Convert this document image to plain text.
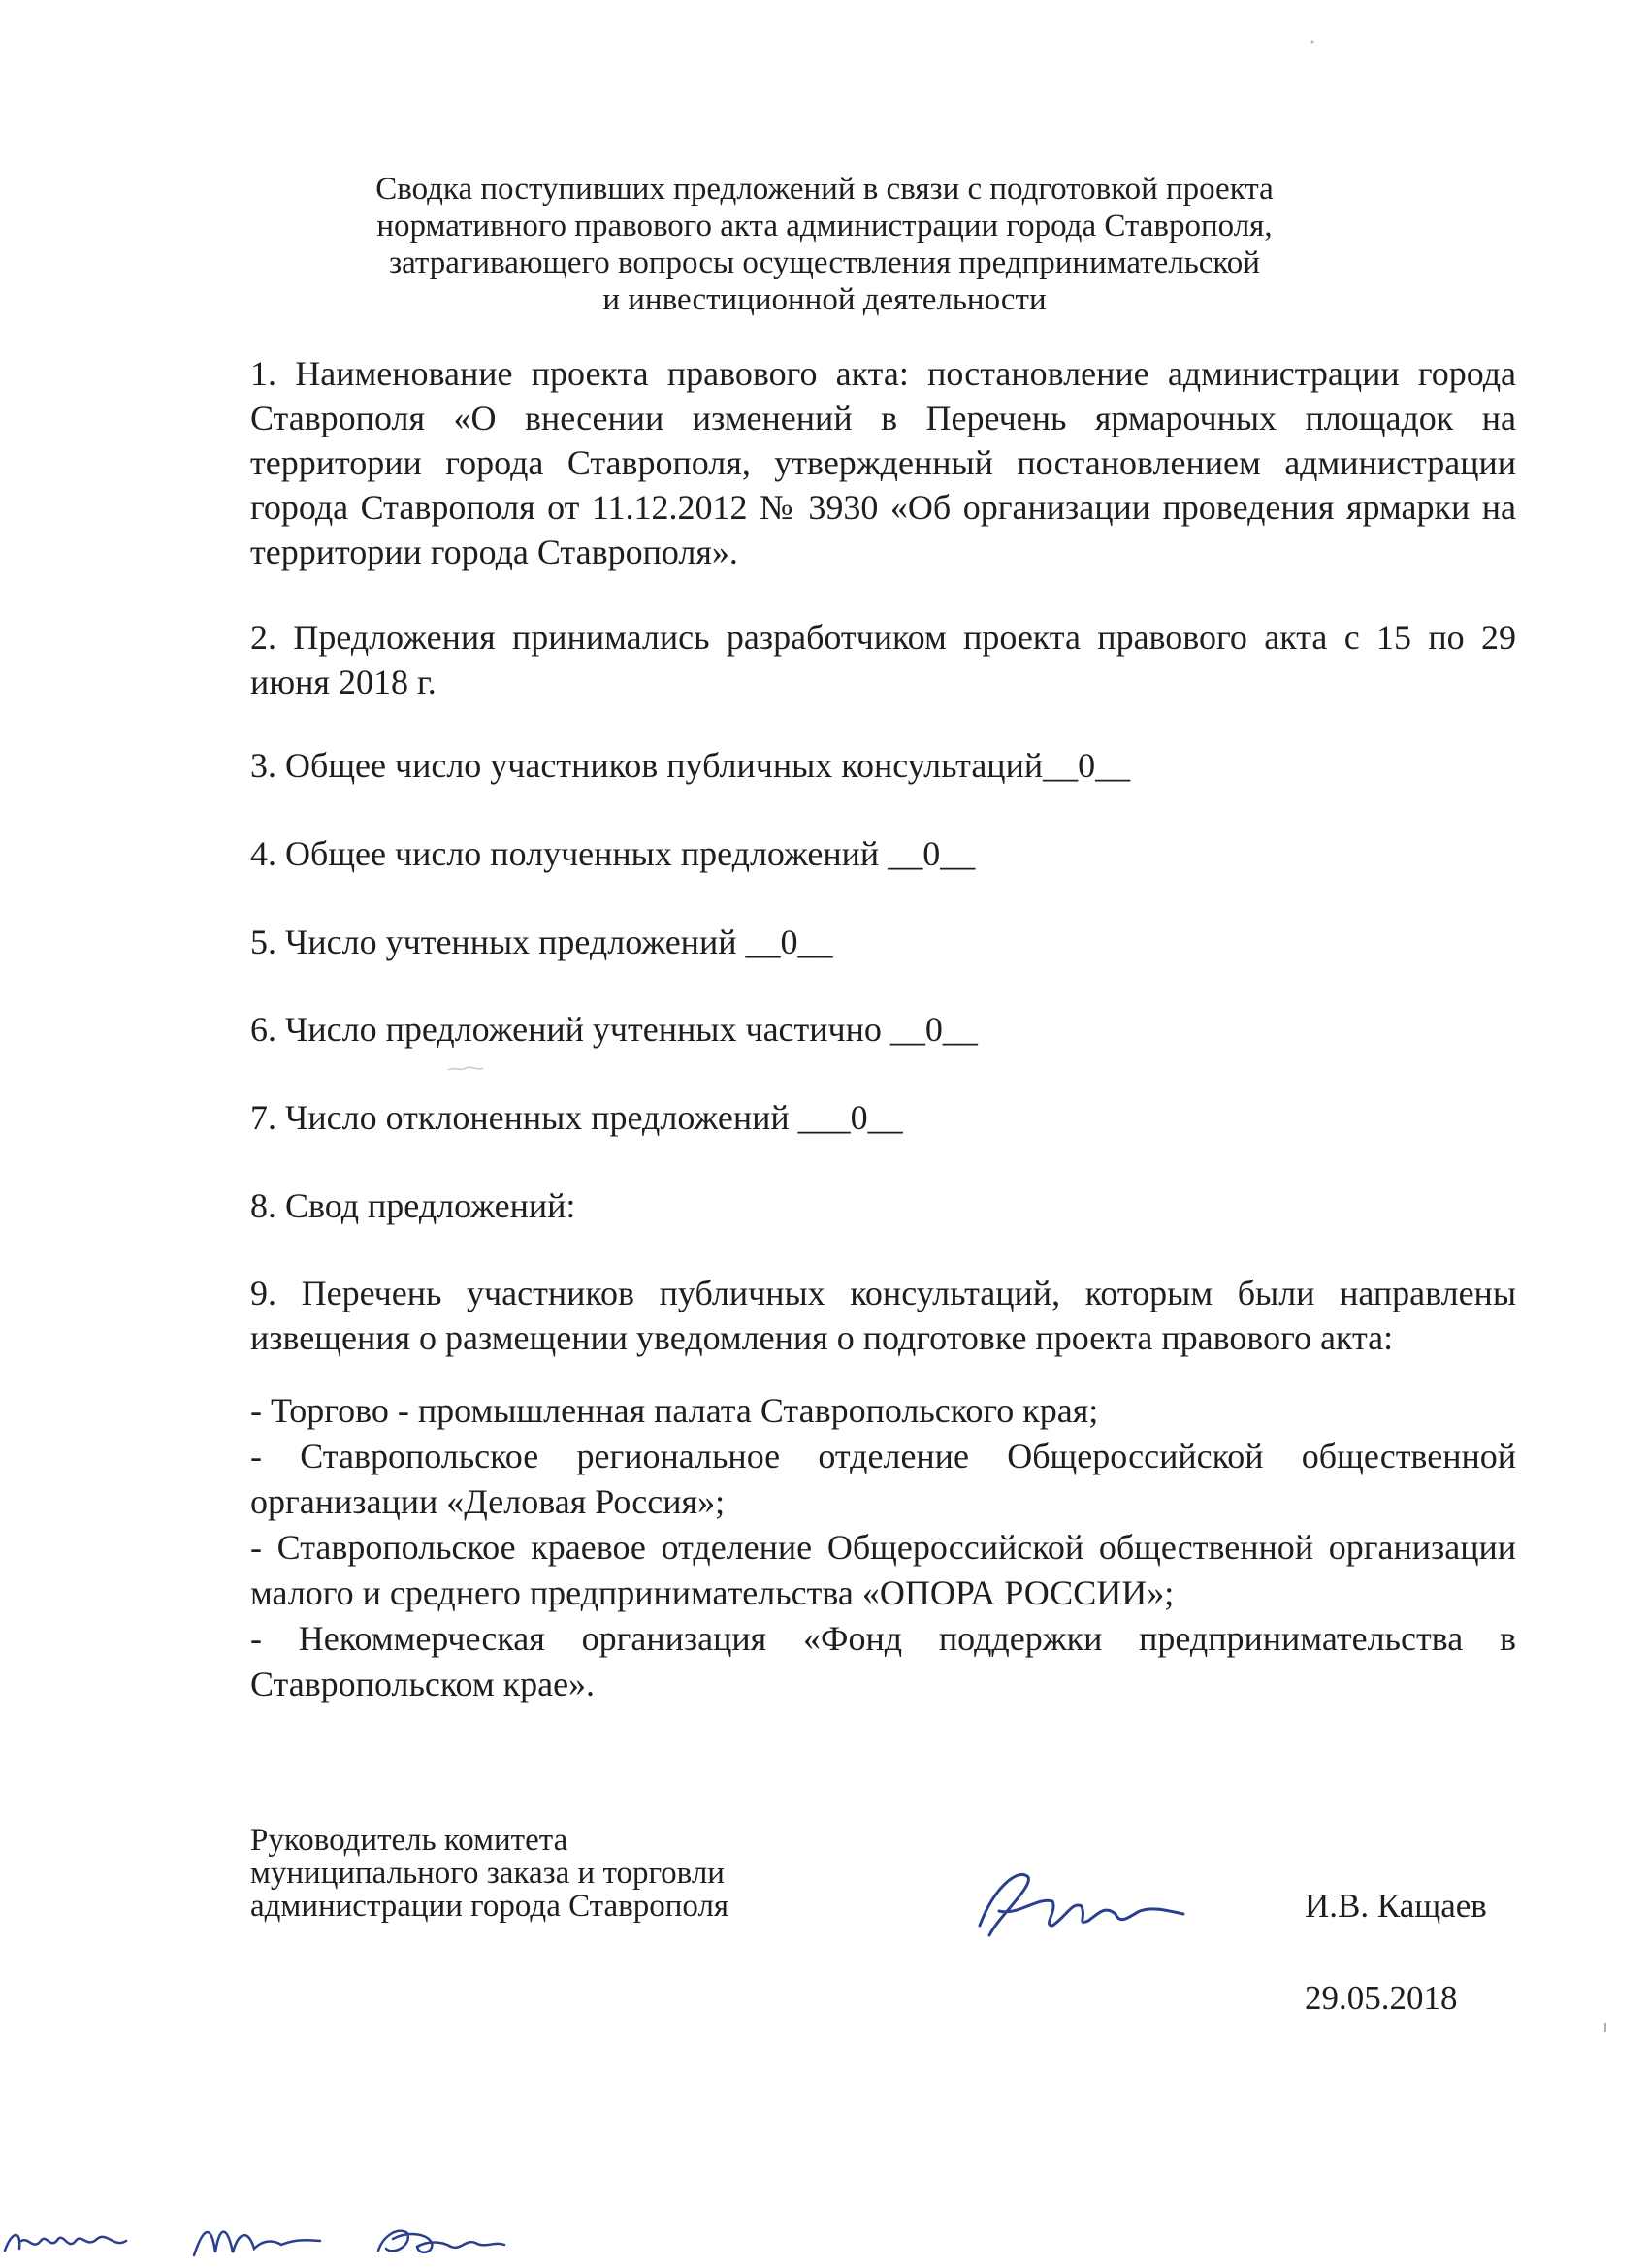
Сводка поступивших предложений в связи с подготовкой проекта
нормативного правового акта администрации города Ставрополя,
затрагивающего вопросы осуществления предпринимательской
и инвестиционной деятельности

1. Наименование проекта правового акта: постановление администрации города Ставрополя «О внесении изменений в Перечень ярмарочных площадок на территории города Ставрополя, утвержденный постановлением администрации города Ставрополя от 11.12.2012 № 3930 «Об организации проведения ярмарки на территории города Ставрополя».

2. Предложения принимались разработчиком проекта правового акта с 15 по 29 июня 2018 г.

3. Общее число участников публичных консультаций__0__

4. Общее число полученных предложений __0__

5. Число учтенных предложений __0__

6. Число предложений учтенных частично __0__

7. Число отклоненных предложений ___0__

8. Свод предложений:

9. Перечень участников публичных консультаций, которым были направлены извещения о размещении уведомления о подготовке проекта правового акта:

- Торгово - промышленная палата Ставропольского края;

- Ставропольское региональное отделение Общероссийской общественной организации «Деловая Россия»;

- Ставропольское краевое отделение Общероссийской общественной организации малого и среднего предпринимательства «ОПОРА РОССИИ»;

- Некоммерческая организация «Фонд поддержки предпринимательства в Ставропольском крае».

Руководитель комитета
муниципального заказа и торговли
администрации города Ставрополя	И.В. Кащаев
29.05.2018
